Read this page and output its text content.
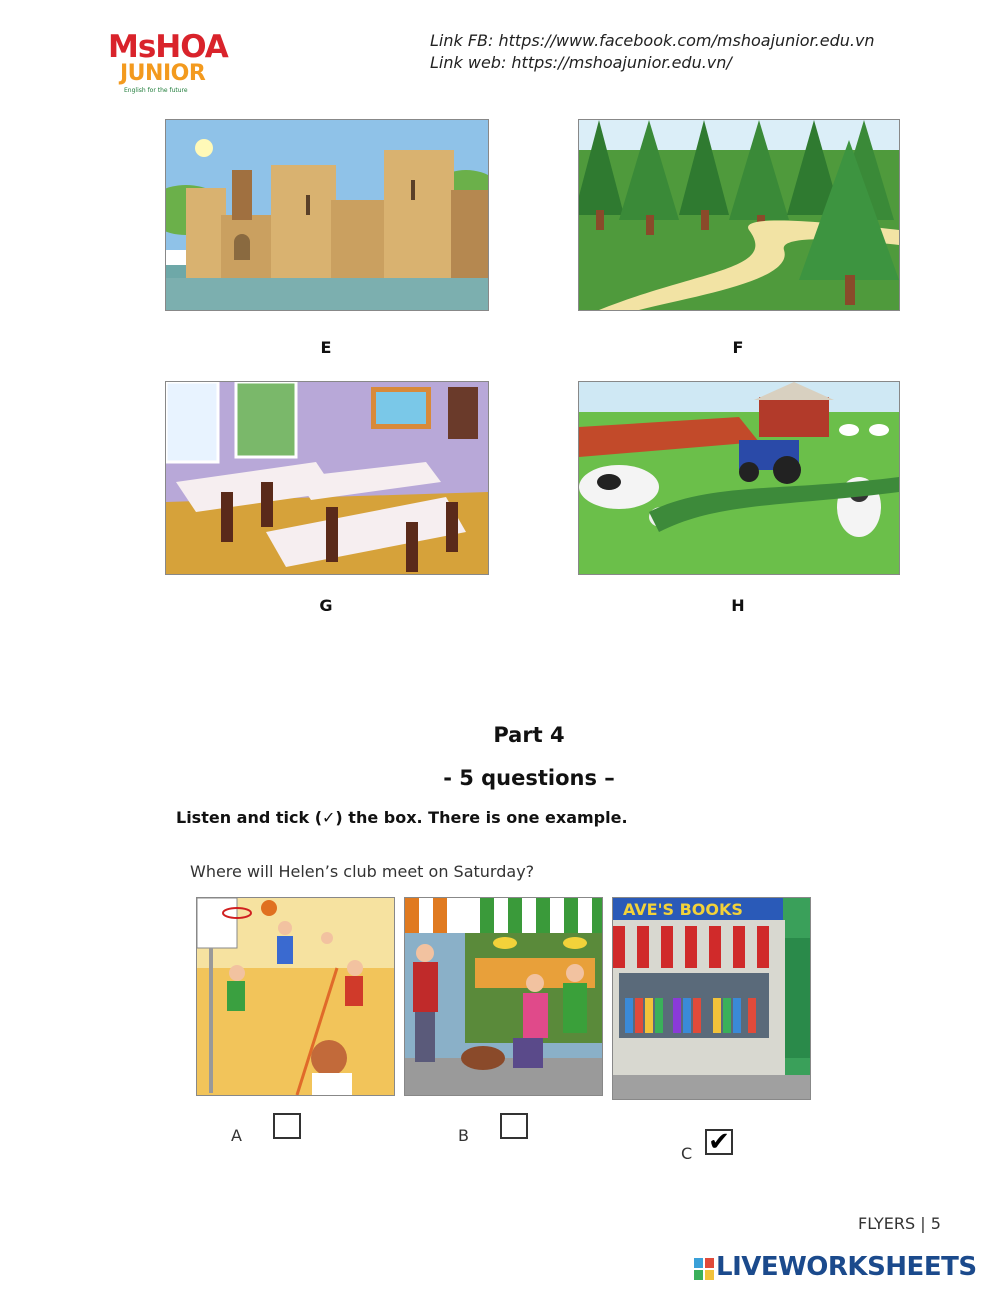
MsHOA
JUNIOR
English for the future
Link FB: https://www.facebook.com/mshoajunior.edu.vn
Link web: https://mshoajunior.edu.vn/
E	F
G	H
Part 4
- 5 questions –
Listen and tick (✓) the box. There is one example.
Where will Helen’s club meet on Saturday?
A	B
AVE'S BOOKS
C ✔
FLYERS | 5
LIVEWORKSHEETS
